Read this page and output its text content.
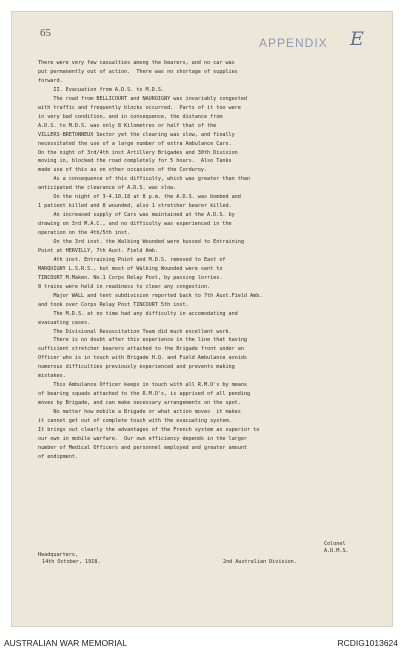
65
APPENDIX E
There were very few casualties among the bearers, and no car was
put permanently out of action.  There was no shortage of supplies
forward.
II. Evacuation from A.D.S. to M.D.S.
The road from BELLICOURT and NAUROIGNY was invariably congested
with traffic and frequently blocks occurred.  Parts of it too were
in very bad condition, and in consequence, the distance from
A.D.S. to M.D.S. was only 8 Kilometres or half that of the
VILLERS-BRETONNEUX Sector yet the clearing was slow, and finally
necessitated the use of a large number of extra Ambulance Cars.
On the night of 3rd/4th inst Artillery Brigades and 30th Division
moving in, blocked the road completely for 5 hours.  Also Tanks
made use of this as on other occasions of the Corduroy.
As a consequence of this difficulty, which was greater than than
anticipated the clearance of A.D.S. was slow.
On the night of 3-4.10.18 at 8 p.m. the A.D.S. was bombed and
1 patient killed and 8 wounded, also 1 stretcher bearer killed.
An increased supply of Cars was maintained at the A.D.S. by
drawing on 3rd M.A.C., and no difficulty was experienced in the
operation on the 4th/5th inst.
On the 3rd inst. the Walking Wounded were bussed to Entraining
Point at HERVILLY, 7th Aust. Field Amb.
4th inst. Entraining Point and M.D.S. removed to East of
MARQUIGNY L.S.R.S., but most of Walking Wounded were sent to
TINCOURT M.Maken. No.1 Corps Relay Post, by passing lorries.
8 trains were held in readiness to clear any congestion.
Major WALL and tent subdivision reported back to 7th Aust.Field Amb.
and took over Corps Relay Post TINCOURT 5th inst.
The M.D.S. at no time had any difficulty in accomodating and
evacuating cases.
The Divisional Resuscitation Team did much excellent work.
There is no doubt after this experience in the line that having
sufficient stretcher bearers attached to the Brigade front under an
Officer who is in touch with Brigade H.Q. and Field Ambulance avoids
numerous difficulties previously experienced and prevents making
mistakes.
This Ambulance Officer keeps in touch with all R.M.O's by means
of bearing squads attached to the R.M.O's, is apprised of all pending
moves by Brigade, and can make necessary arrangements on the spot.
No matter how mobile a Brigade or what action moves  it makes
it cannot get out of complete touch with the evacuating system.
It brings out clearly the advantages of the French system as superior to
our own in mobile warfare.  Our own efficiency depends in the larger
number of Medical Officers and personnel employed and greater amount
of endipment.
Colonel
A.D.M.S.
Headquarters,
14th October, 1918.	2nd Australian Division.
AUSTRALIAN WAR MEMORIAL	RCDIG1013624
